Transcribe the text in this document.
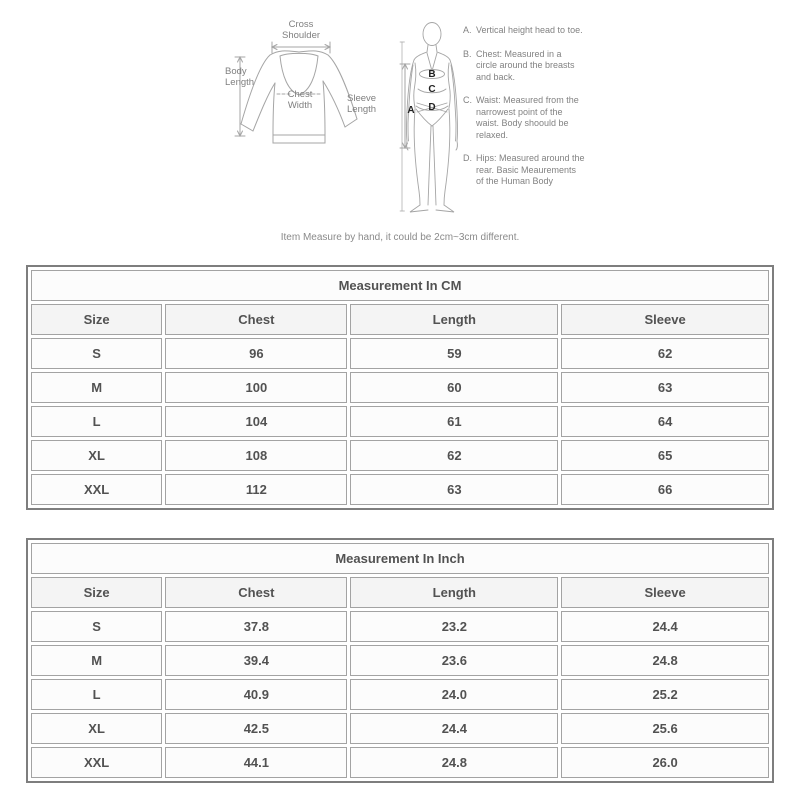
Cross Shoulder
Body Length
Chest Width
Sleeve Length	A
B
C
D
A. Vertical height head to toe.
B. Chest: Measured in a circle around the breasts and back.
C. Waist: Measured from the narrowest point of the waist. Body shoould be relaxed.
D. Hips: Measured around the rear. Basic Meaurements of the Human Body
Item Measure by hand, it could be 2cm~3cm different.
Measurement In CM			
Size	Chest	Length	Sleeve
S	96	59	62
M	100	60	63
L	104	61	64
XL	108	62	65
XXL	112	63	66
Measurement In Inch			
Size	Chest	Length	Sleeve
S	37.8	23.2	24.4
M	39.4	23.6	24.8
L	40.9	24.0	25.2
XL	42.5	24.4	25.6
XXL	44.1	24.8	26.0
